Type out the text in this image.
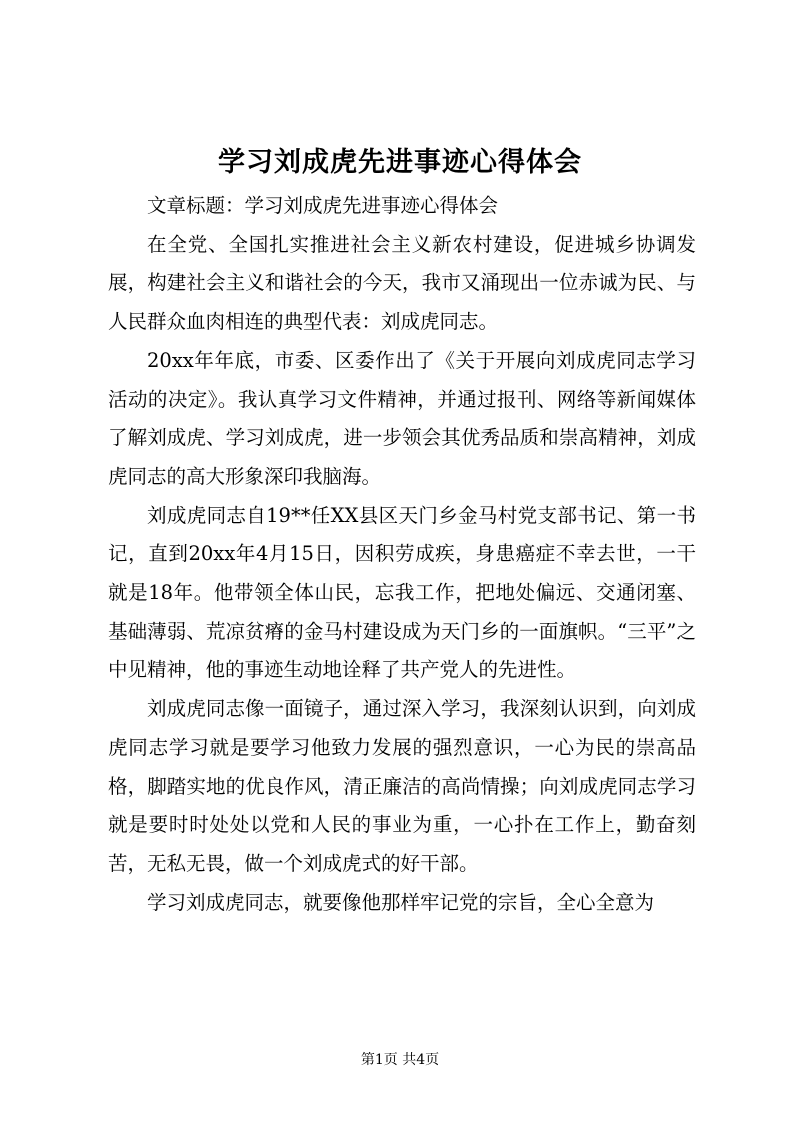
学习刘成虎先进事迹心得体会

文章标题：学习刘成虎先进事迹心得体会

在全党、全国扎实推进社会主义新农村建设，促进城乡协调发展，构建社会主义和谐社会的今天，我市又涌现出一位赤诚为民、与人民群众血肉相连的典型代表：刘成虎同志。

20xx年年底，市委、区委作出了《关于开展向刘成虎同志学习活动的决定》。我认真学习文件精神，并通过报刊、网络等新闻媒体了解刘成虎、学习刘成虎，进一步领会其优秀品质和崇高精神，刘成虎同志的高大形象深印我脑海。

刘成虎同志自19**任XX县区天门乡金马村党支部书记、第一书记，直到20xx年4月15日，因积劳成疾，身患癌症不幸去世，一干就是18年。他带领全体山民，忘我工作，把地处偏远、交通闭塞、基础薄弱、荒凉贫瘠的金马村建设成为天门乡的一面旗帜。“三平”之中见精神，他的事迹生动地诠释了共产党人的先进性。

刘成虎同志像一面镜子，通过深入学习，我深刻认识到，向刘成虎同志学习就是要学习他致力发展的强烈意识，一心为民的崇高品格，脚踏实地的优良作风，清正廉洁的高尚情操；向刘成虎同志学习就是要时时处处以党和人民的事业为重，一心扑在工作上，勤奋刻苦，无私无畏，做一个刘成虎式的好干部。

学习刘成虎同志，就要像他那样牢记党的宗旨，全心全意为

第1页 共4页
